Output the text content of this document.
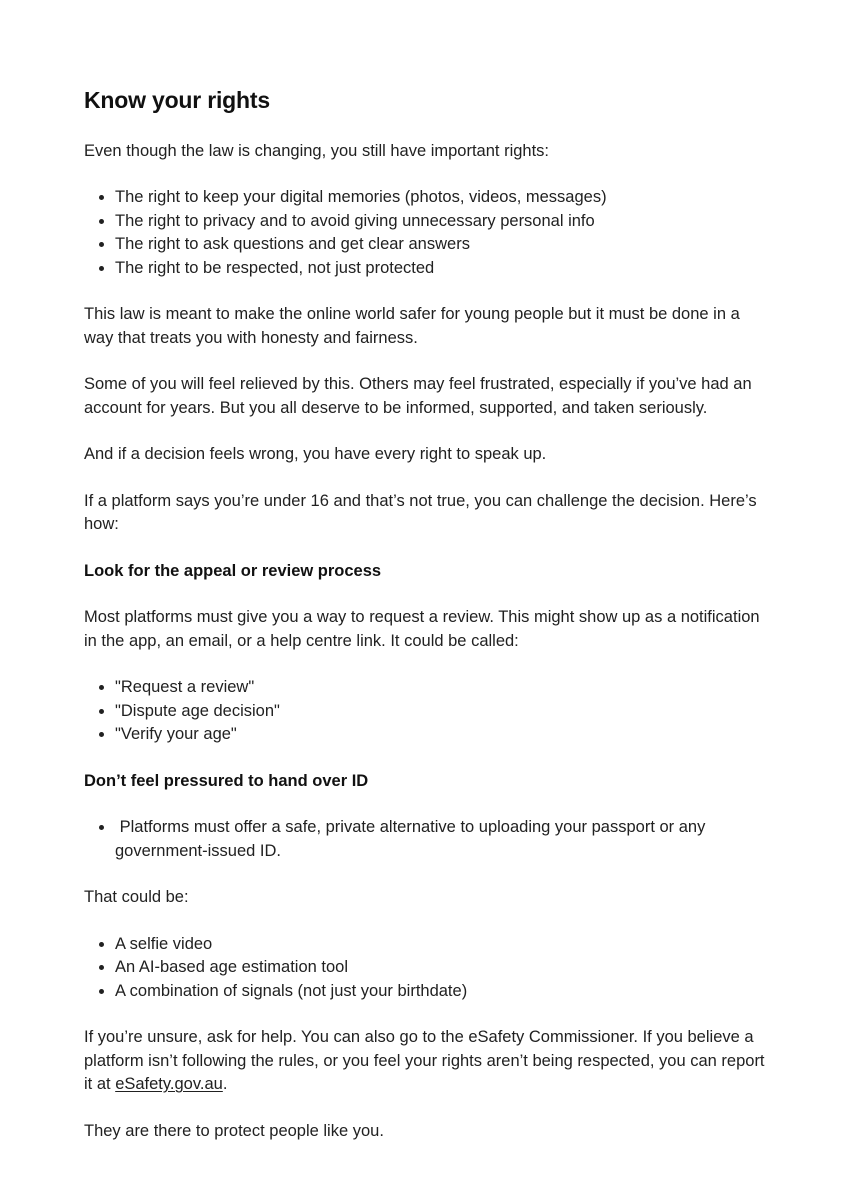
Know your rights

Even though the law is changing, you still have important rights:

• The right to keep your digital memories (photos, videos, messages)
• The right to privacy and to avoid giving unnecessary personal info
• The right to ask questions and get clear answers
• The right to be respected, not just protected

This law is meant to make the online world safer for young people but it must be done in a way that treats you with honesty and fairness.

Some of you will feel relieved by this. Others may feel frustrated, especially if you’ve had an account for years. But you all deserve to be informed, supported, and taken seriously.

And if a decision feels wrong, you have every right to speak up.

If a platform says you’re under 16 and that’s not true, you can challenge the decision. Here’s how:

Look for the appeal or review process

Most platforms must give you a way to request a review. This might show up as a notification in the app, an email, or a help centre link. It could be called:

• "Request a review"
• "Dispute age decision"
• "Verify your age"
Don’t feel pressured to hand over ID
•  Platforms must offer a safe, private alternative to uploading your passport or any government-issued ID.

That could be:

• A selfie video
• An AI-based age estimation tool
• A combination of signals (not just your birthdate)

If you’re unsure, ask for help. You can also go to the eSafety Commissioner. If you believe a platform isn’t following the rules, or you feel your rights aren’t being respected, you can report it at eSafety.gov.au.

They are there to protect people like you.
